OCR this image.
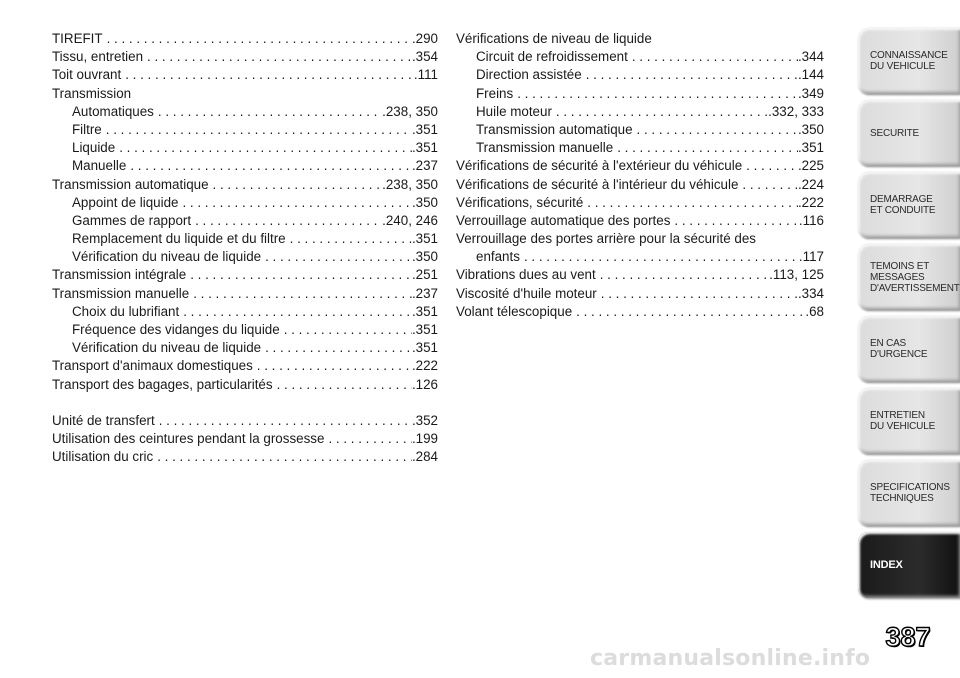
TIREFIT . . .	.290
Tissu, entretien . . .	.354
Toit ouvrant . . .	.111
Transmission
Automatiques . . .	.238, 350
Filtre . . .	.351
Liquide . . .	.351
Manuelle . . .	.237
Transmission automatique . . .	.238, 350
Appoint de liquide . . .	.350
Gammes de rapport . . .	.240, 246
Remplacement du liquide et du filtre . . .	.351
Vérification du niveau de liquide . . .	.350
Transmission intégrale . . .	.251
Transmission manuelle . . .	.237
Choix du lubrifiant . . .	.351
Fréquence des vidanges du liquide . . .	.351
Vérification du niveau de liquide . . .	.351
Transport d'animaux domestiques . . .	.222
Transport des bagages, particularités . . .	.126
Unité de transfert . . .	.352
Utilisation des ceintures pendant la grossesse . . .	.199
Utilisation du cric . . .	.284
Vérifications de niveau de liquide
Circuit de refroidissement . . .	.344
Direction assistée . . .	.144
Freins . . .	.349
Huile moteur . . .	.332, 333
Transmission automatique . . .	.350
Transmission manuelle . . .	.351
Vérifications de sécurité à l'extérieur du véhicule . . .	.225
Vérifications de sécurité à l'intérieur du véhicule . . .	.224
Vérifications, sécurité . . .	.222
Verrouillage automatique des portes . . .	.116
Verrouillage des portes arrière pour la sécurité des
enfants . . .	.117
Vibrations dues au vent . . .	.113, 125
Viscosité d'huile moteur . . .	.334
Volant télescopique . . .	.68
CONNAISSANCE
DU VEHICULE
SECURITE
DEMARRAGE
ET CONDUITE
TEMOINS ET
MESSAGES
D'AVERTISSEMENT
EN CAS
D'URGENCE
ENTRETIEN
DU VEHICULE
SPECIFICATIONS
TECHNIQUES
INDEX
387
carmanualsonline.info
